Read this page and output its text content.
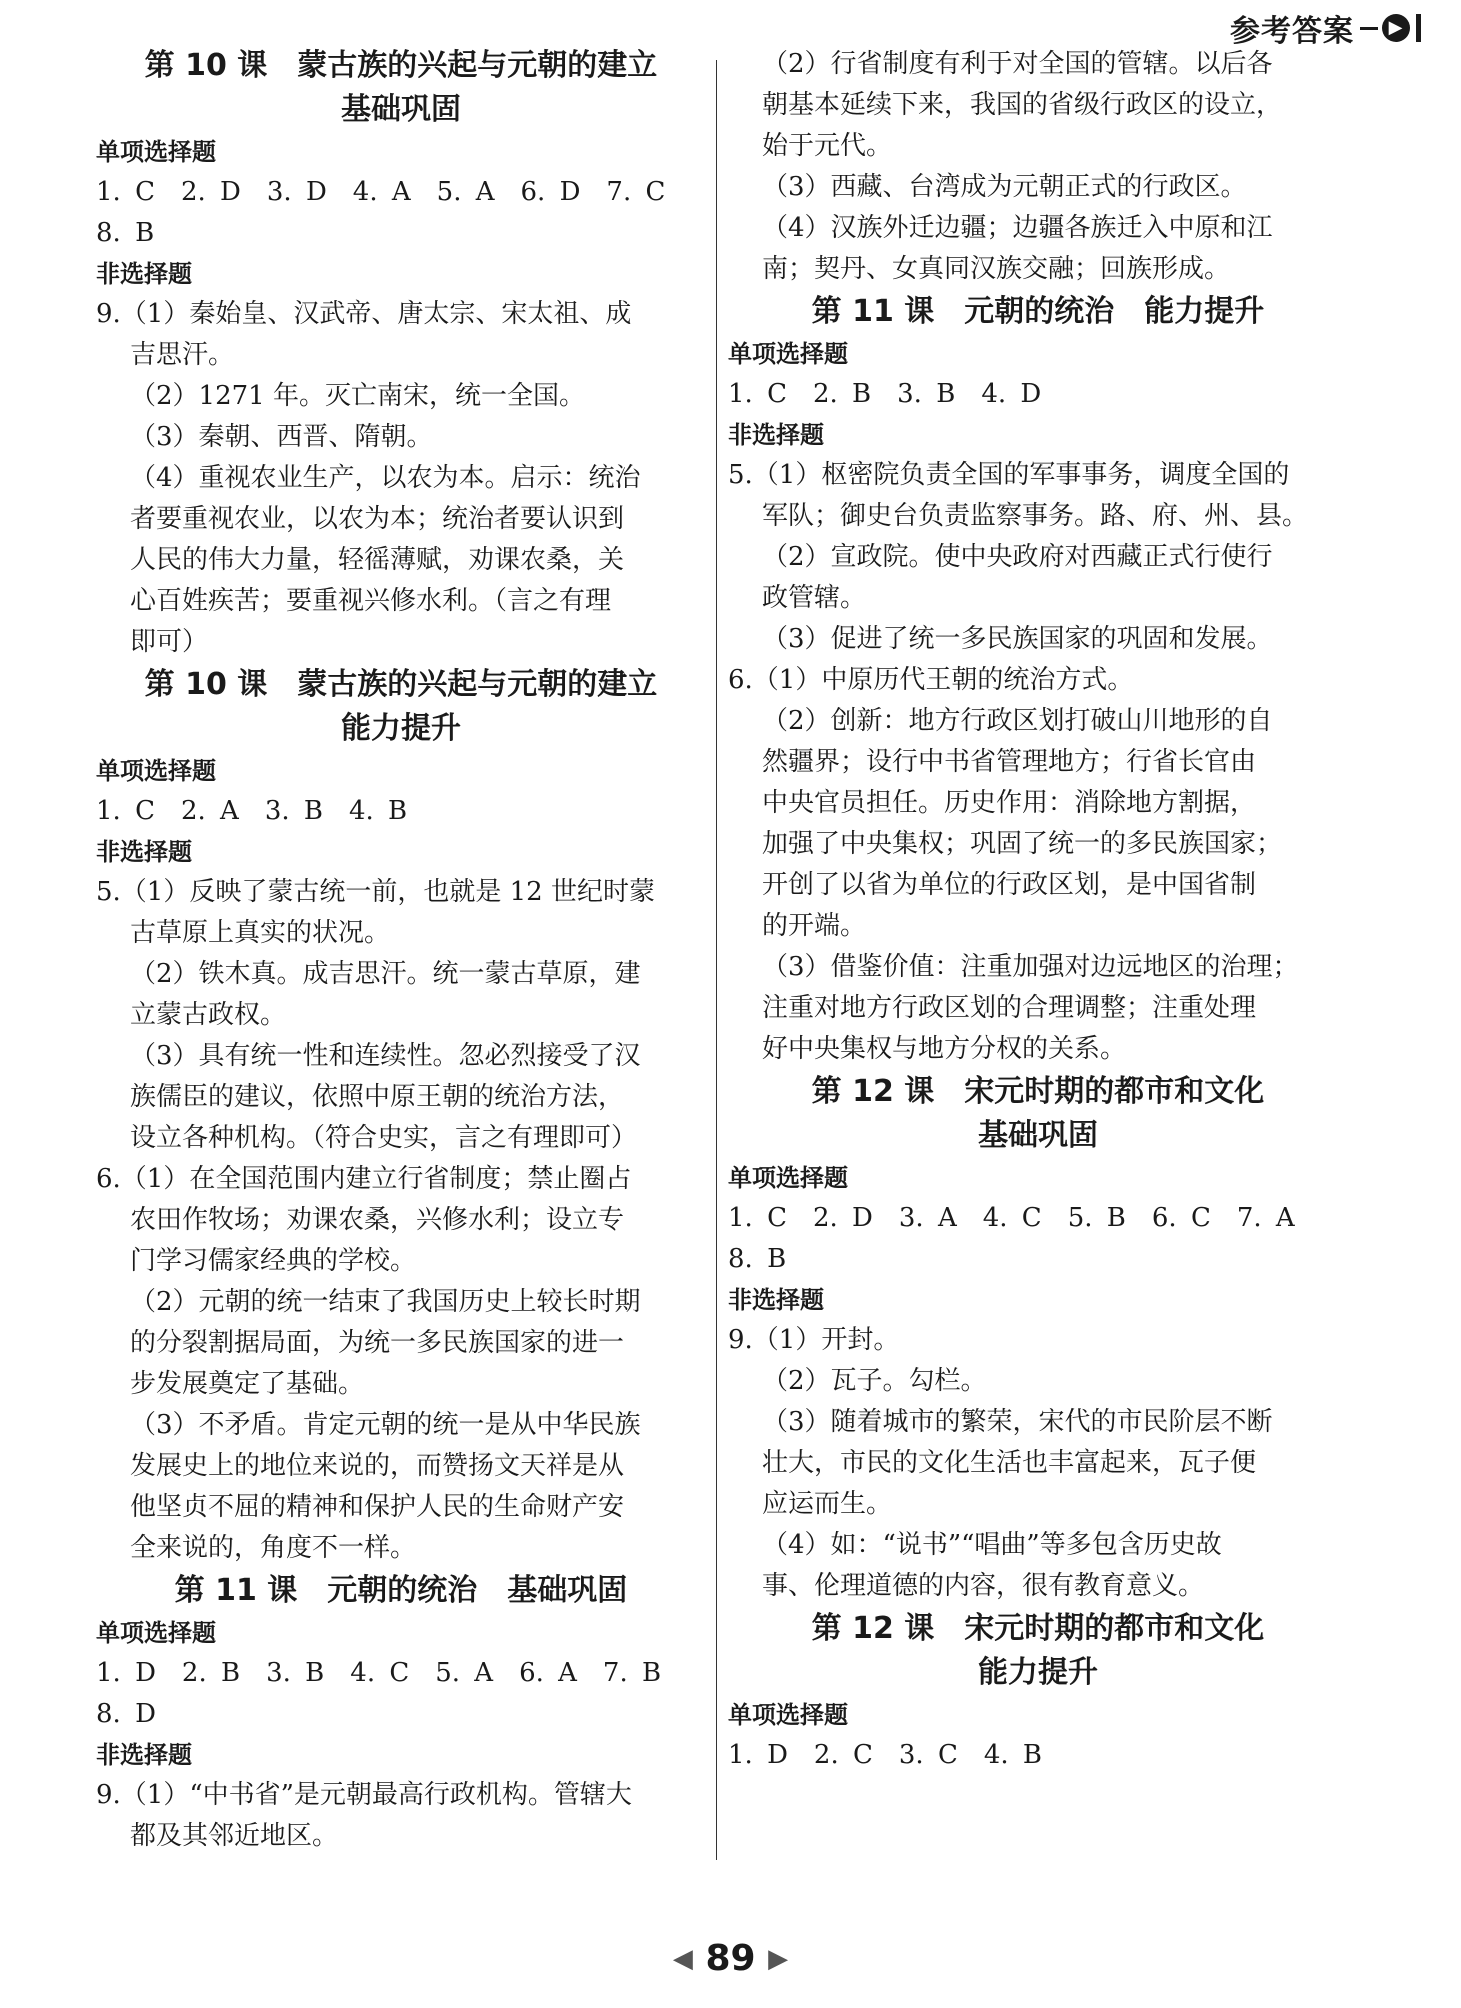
参考答案	▶
第 10 课　蒙古族的兴起与元朝的建立
基础巩固
单项选择题
1. C　2. D　3. D　4. A　5. A　6. D　7. C
8. B
非选择题
9.（1）秦始皇、汉武帝、唐太宗、宋太祖、成
吉思汗。
（2）1271 年。灭亡南宋，统一全国。
（3）秦朝、西晋、隋朝。
（4）重视农业生产，以农为本。启示：统治
者要重视农业，以农为本；统治者要认识到
人民的伟大力量，轻徭薄赋，劝课农桑，关
心百姓疾苦；要重视兴修水利。（言之有理
即可）
第 10 课　蒙古族的兴起与元朝的建立
能力提升
单项选择题
1. C　2. A　3. B　4. B
非选择题
5.（1）反映了蒙古统一前，也就是 12 世纪时蒙
古草原上真实的状况。
（2）铁木真。成吉思汗。统一蒙古草原，建
立蒙古政权。
（3）具有统一性和连续性。忽必烈接受了汉
族儒臣的建议，依照中原王朝的统治方法，
设立各种机构。（符合史实，言之有理即可）
6.（1）在全国范围内建立行省制度；禁止圈占
农田作牧场；劝课农桑，兴修水利；设立专
门学习儒家经典的学校。
（2）元朝的统一结束了我国历史上较长时期
的分裂割据局面，为统一多民族国家的进一
步发展奠定了基础。
（3）不矛盾。肯定元朝的统一是从中华民族
发展史上的地位来说的，而赞扬文天祥是从
他坚贞不屈的精神和保护人民的生命财产安
全来说的，角度不一样。
第 11 课　元朝的统治　基础巩固
单项选择题
1. D　2. B　3. B　4. C　5. A　6. A　7. B
8. D
非选择题
9.（1）“中书省”是元朝最高行政机构。管辖大
都及其邻近地区。
（2）行省制度有利于对全国的管辖。以后各
朝基本延续下来，我国的省级行政区的设立，
始于元代。
（3）西藏、台湾成为元朝正式的行政区。
（4）汉族外迁边疆；边疆各族迁入中原和江
南；契丹、女真同汉族交融；回族形成。
第 11 课　元朝的统治　能力提升
单项选择题
1. C　2. B　3. B　4. D
非选择题
5.（1）枢密院负责全国的军事事务，调度全国的
军队；御史台负责监察事务。路、府、州、县。
（2）宣政院。使中央政府对西藏正式行使行
政管辖。
（3）促进了统一多民族国家的巩固和发展。
6.（1）中原历代王朝的统治方式。
（2）创新：地方行政区划打破山川地形的自
然疆界；设行中书省管理地方；行省长官由
中央官员担任。历史作用：消除地方割据，
加强了中央集权；巩固了统一的多民族国家；
开创了以省为单位的行政区划，是中国省制
的开端。
（3）借鉴价值：注重加强对边远地区的治理；
注重对地方行政区划的合理调整；注重处理
好中央集权与地方分权的关系。
第 12 课　宋元时期的都市和文化
基础巩固
单项选择题
1. C　2. D　3. A　4. C　5. B　6. C　7. A
8. B
非选择题
9.（1）开封。
（2）瓦子。勾栏。
（3）随着城市的繁荣，宋代的市民阶层不断
壮大，市民的文化生活也丰富起来，瓦子便
应运而生。
（4）如：“说书”“唱曲”等多包含历史故
事、伦理道德的内容，很有教育意义。
第 12 课　宋元时期的都市和文化
能力提升
单项选择题
1. D　2. C　3. C　4. B
◀ 89 ▶
